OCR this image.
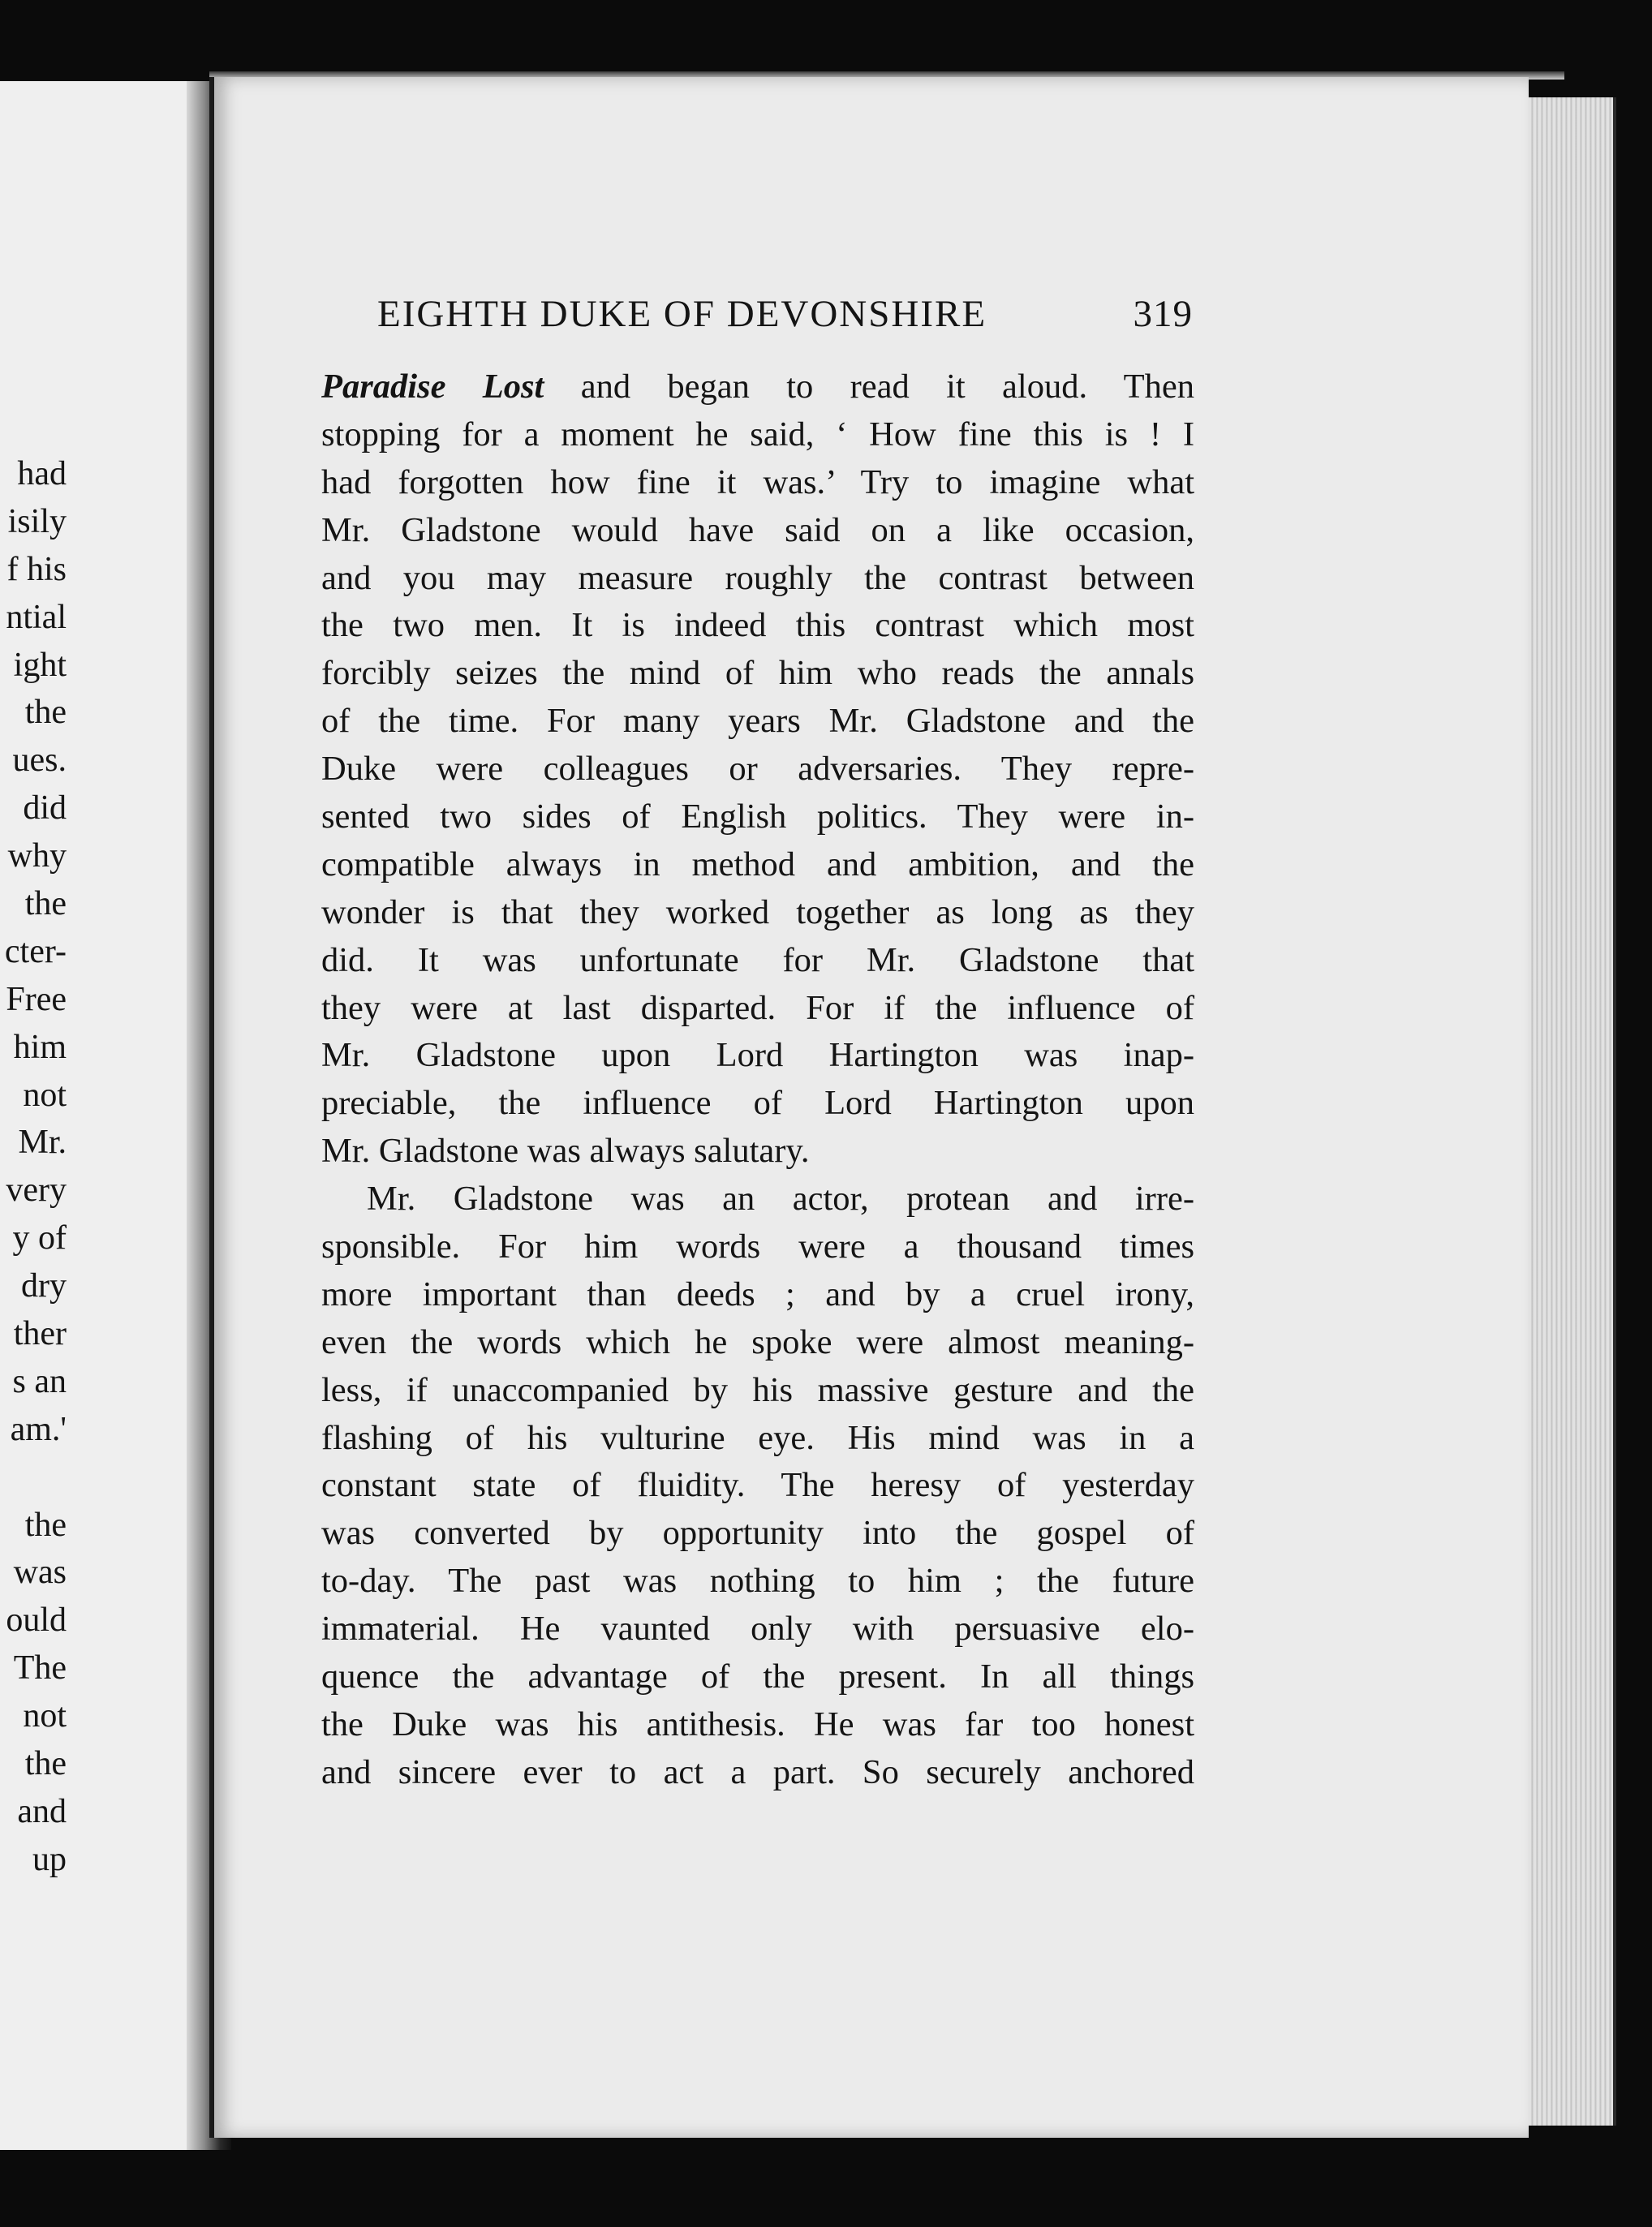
had
isily
f his
ntial
ight
the
ues.
did
why
the
cter-
Free
him
not
Mr.
very
y of
dry
ther
s an
am.'
the
was
ould
The
not
the
and
up
EIGHTH DUKE OF DEVONSHIRE	319
Paradise Lost and began to read it aloud. Then
stopping for a moment he said, ‘ How fine this is ! I
had forgotten how fine it was.’ Try to imagine what
Mr. Gladstone would have said on a like occasion,
and you may measure roughly the contrast between
the two men. It is indeed this contrast which most
forcibly seizes the mind of him who reads the annals
of the time. For many years Mr. Gladstone and the
Duke were colleagues or adversaries. They repre-
sented two sides of English politics. They were in-
compatible always in method and ambition, and the
wonder is that they worked together as long as they
did. It was unfortunate for Mr. Gladstone that
they were at last disparted. For if the influence of
Mr. Gladstone upon Lord Hartington was inap-
preciable, the influence of Lord Hartington upon
Mr. Gladstone was always salutary.
Mr. Gladstone was an actor, protean and irre-
sponsible. For him words were a thousand times
more important than deeds ; and by a cruel irony,
even the words which he spoke were almost meaning-
less, if unaccompanied by his massive gesture and the
flashing of his vulturine eye. His mind was in a
constant state of fluidity. The heresy of yesterday
was converted by opportunity into the gospel of
to-day. The past was nothing to him ; the future
immaterial. He vaunted only with persuasive elo-
quence the advantage of the present. In all things
the Duke was his antithesis. He was far too honest
and sincere ever to act a part. So securely anchored
